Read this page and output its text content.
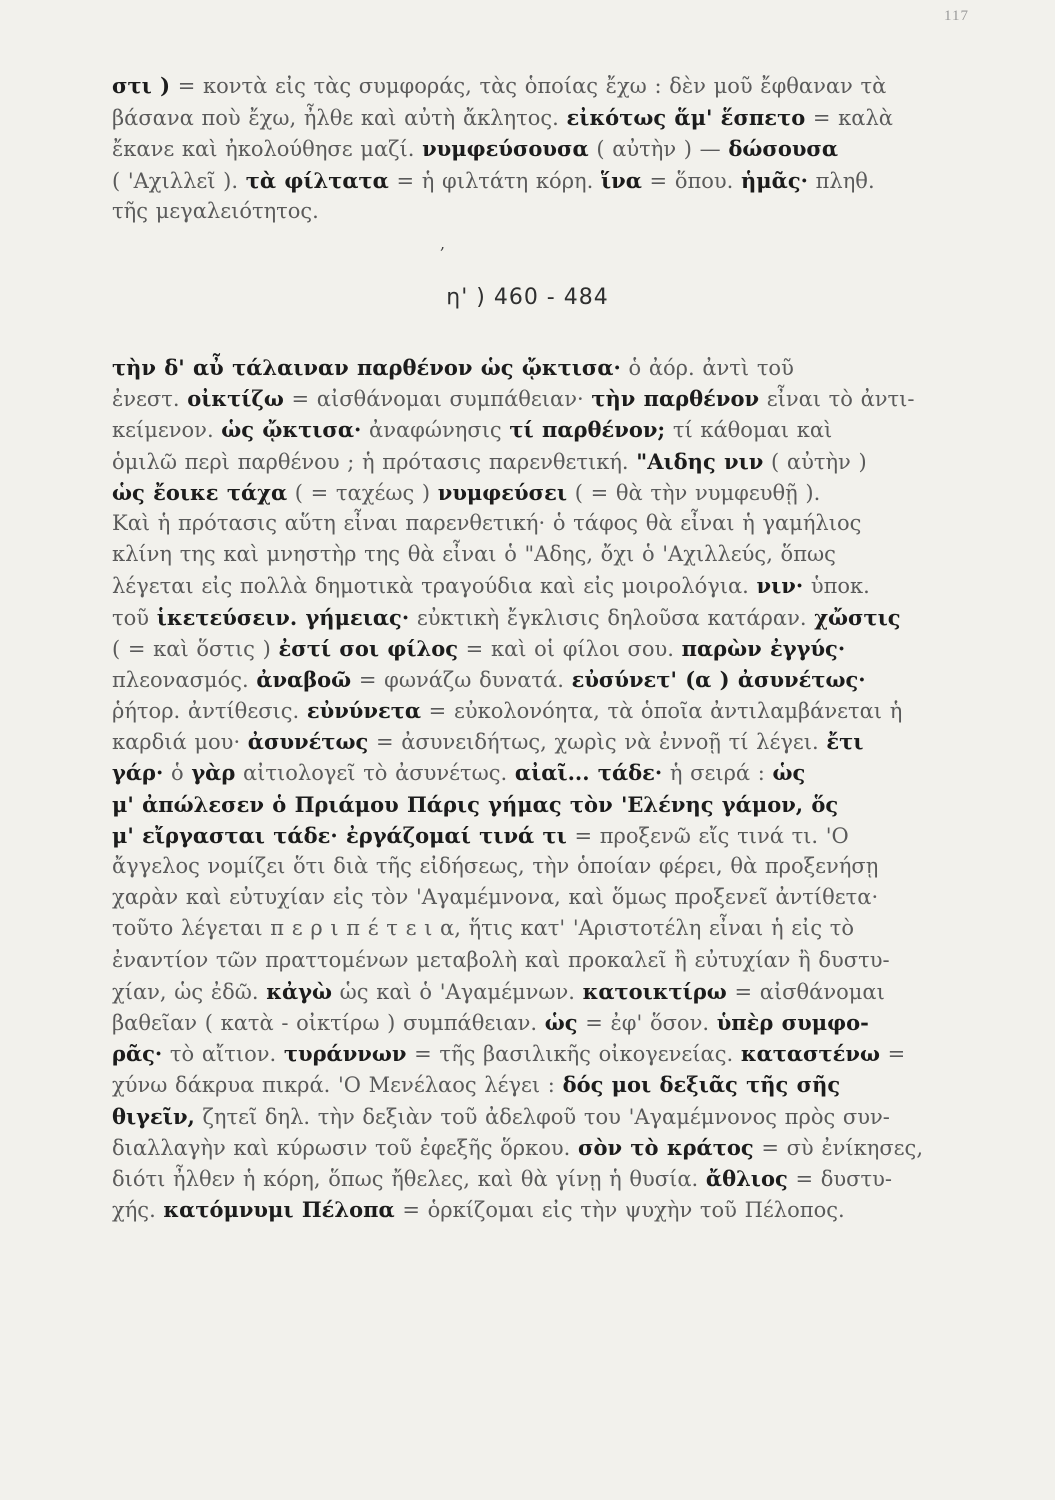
117
στι ) = κοντὰ εἰς τὰς συμφοράς, τὰς ὁποίας ἔχω : δὲν μοῦ ἔφθαναν τὰ
βάσανα ποὺ ἔχω, ἦλθε καὶ αὐτὴ ἄκλητος. εἰκότως ἅμ' ἕσπετο = καλὰ
ἔκανε καὶ ἠκολούθησε μαζί. νυμφεύσουσα ( αὐτὴν ) — δώσουσα
( 'Αχιλλεῖ ). τὰ φίλτατα = ἡ φιλτάτη κόρη. ἵνα = ὅπου. ἡμᾶς· πληθ.
τῆς μεγαλειότητος.
,
η' ) 460 - 484
τὴν δ' αὖ τάλαιναν παρθένον ὡς ᾤκτισα· ὁ ἀόρ. ἀντὶ τοῦ
ἐνεστ. οἰκτίζω = αἰσθάνομαι συμπάθειαν· τὴν παρθένον εἶναι τὸ ἀντι-
κείμενον. ὡς ᾤκτισα· ἀναφώνησις τί παρθένον; τί κάθομαι καὶ
ὁμιλῶ περὶ παρθένου ; ἡ πρότασις παρενθετική. "Αιδης νιν ( αὐτὴν )
ὡς ἔοικε τάχα ( = ταχέως ) νυμφεύσει ( = θὰ τὴν νυμφευθῇ ).
Καὶ ἡ πρότασις αὕτη εἶναι παρενθετική· ὁ τάφος θὰ εἶναι ἡ γαμήλιος
κλίνη της καὶ μνηστὴρ της θὰ εἶναι ὁ "Αδης, ὄχι ὁ 'Αχιλλεύς, ὅπως
λέγεται εἰς πολλὰ δημοτικὰ τραγούδια καὶ εἰς μοιρολόγια. νιν· ὑποκ.
τοῦ ἱκετεύσειν. γήμειας· εὐκτικὴ ἔγκλισις δηλοῦσα κατάραν. χὤστις
( = καὶ ὅστις ) ἐστί σοι φίλος = καὶ οἱ φίλοι σου. παρὼν ἐγγύς·
πλεονασμός. ἀναβοῶ = φωνάζω δυνατά. εὐσύνετ' (α ) ἀσυνέτως·
ῥήτορ. ἀντίθεσις. εὐνύνετα = εὐκολονόητα, τὰ ὁποῖα ἀντιλαμβάνεται ἡ
καρδιά μου· ἀσυνέτως = ἀσυνειδήτως, χωρὶς νὰ ἐννοῇ τί λέγει. ἔτι
γάρ· ὁ γὰρ αἰτιολογεῖ τὸ ἀσυνέτως. αἰαῖ... τάδε· ἡ σειρά : ὡς
μ' ἀπώλεσεν ὁ Πριάμου Πάρις γήμας τὸν 'Ελένης γάμον, ὅς
μ' εἴργασται τάδε· ἐργάζομαί τινά τι = προξενῶ εἴς τινά τι. 'Ο
ἄγγελος νομίζει ὅτι διὰ τῆς εἰδήσεως, τὴν ὁποίαν φέρει, θὰ προξενήσῃ
χαρὰν καὶ εὐτυχίαν εἰς τὸν 'Αγαμέμνονα, καὶ ὅμως προξενεῖ ἀντίθετα·
τοῦτο λέγεται π ε ρ ι π έ τ ε ι α, ἥτις κατ' 'Αριστοτέλη εἶναι ἡ εἰς τὸ
ἐναντίον τῶν πραττομένων μεταβολὴ καὶ προκαλεῖ ἢ εὐτυχίαν ἢ δυστυ-
χίαν, ὡς ἐδῶ. κἀγὼ ὡς καὶ ὁ 'Αγαμέμνων. κατοικτίρω = αἰσθάνομαι
βαθεῖαν ( κατὰ - οἰκτίρω ) συμπάθειαν. ὡς = ἐφ' ὅσον. ὑπὲρ συμφο-
ρᾶς· τὸ αἴτιον. τυράννων = τῆς βασιλικῆς οἰκογενείας. καταστένω =
χύνω δάκρυα πικρά. 'Ο Μενέλαος λέγει : δός μοι δεξιᾶς τῆς σῆς
θιγεῖν, ζητεῖ δηλ. τὴν δεξιὰν τοῦ ἀδελφοῦ του 'Αγαμέμνονος πρὸς συν-
διαλλαγὴν καὶ κύρωσιν τοῦ ἐφεξῆς ὅρκου. σὸν τὸ κράτος = σὺ ἐνίκησες,
διότι ἦλθεν ἡ κόρη, ὅπως ἤθελες, καὶ θὰ γίνῃ ἡ θυσία. ἄθλιος = δυστυ-
χής. κατόμνυμι Πέλοπα = ὁρκίζομαι εἰς τὴν ψυχὴν τοῦ Πέλοπος.
